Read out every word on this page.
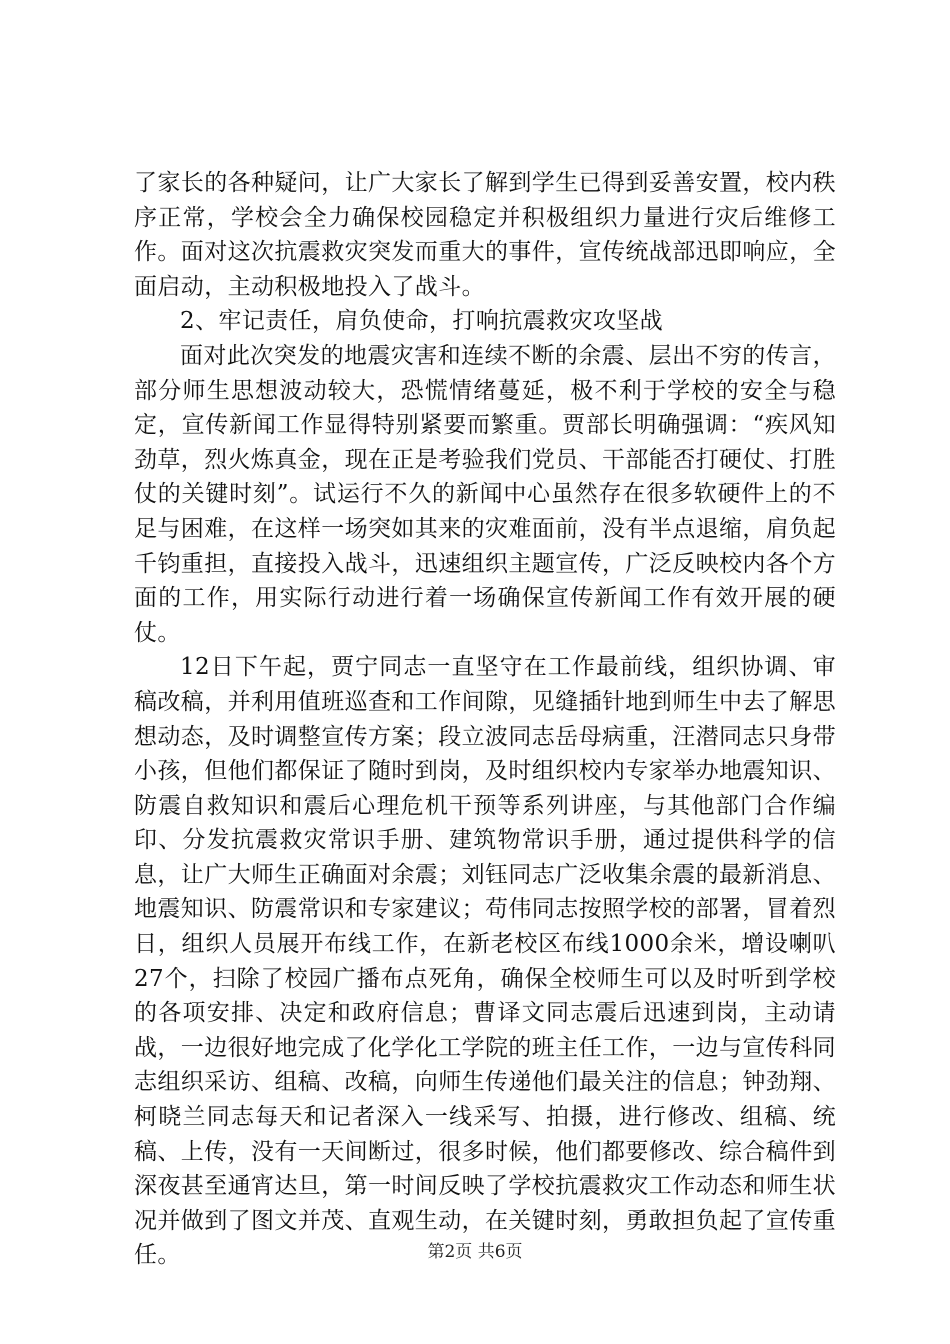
了家长的各种疑问，让广大家长了解到学生已得到妥善安置，校内秩序正常，学校会全力确保校园稳定并积极组织力量进行灾后维修工作。面对这次抗震救灾突发而重大的事件，宣传统战部迅即响应，全面启动，主动积极地投入了战斗。

2、牢记责任，肩负使命，打响抗震救灾攻坚战

面对此次突发的地震灾害和连续不断的余震、层出不穷的传言，部分师生思想波动较大，恐慌情绪蔓延，极不利于学校的安全与稳定，宣传新闻工作显得特别紧要而繁重。贾部长明确强调：“疾风知劲草，烈火炼真金，现在正是考验我们党员、干部能否打硬仗、打胜仗的关键时刻”。试运行不久的新闻中心虽然存在很多软硬件上的不足与困难，在这样一场突如其来的灾难面前，没有半点退缩，肩负起千钧重担，直接投入战斗，迅速组织主题宣传，广泛反映校内各个方面的工作，用实际行动进行着一场确保宣传新闻工作有效开展的硬仗。

12日下午起，贾宁同志一直坚守在工作最前线，组织协调、审稿改稿，并利用值班巡查和工作间隙，见缝插针地到师生中去了解思想动态，及时调整宣传方案；段立波同志岳母病重，汪潜同志只身带小孩，但他们都保证了随时到岗，及时组织校内专家举办地震知识、防震自救知识和震后心理危机干预等系列讲座，与其他部门合作编印、分发抗震救灾常识手册、建筑物常识手册，通过提供科学的信息，让广大师生正确面对余震；刘钰同志广泛收集余震的最新消息、地震知识、防震常识和专家建议；苟伟同志按照学校的部署，冒着烈日，组织人员展开布线工作，在新老校区布线1000余米，增设喇叭27个，扫除了校园广播布点死角，确保全校师生可以及时听到学校的各项安排、决定和政府信息；曹译文同志震后迅速到岗，主动请战，一边很好地完成了化学化工学院的班主任工作，一边与宣传科同志组织采访、组稿、改稿，向师生传递他们最关注的信息；钟劲翔、柯晓兰同志每天和记者深入一线采写、拍摄，进行修改、组稿、统稿、上传，没有一天间断过，很多时候，他们都要修改、综合稿件到深夜甚至通宵达旦，第一时间反映了学校抗震救灾工作动态和师生状况并做到了图文并茂、直观生动，在关键时刻，勇敢担负起了宣传重任。	第2页 共6页
